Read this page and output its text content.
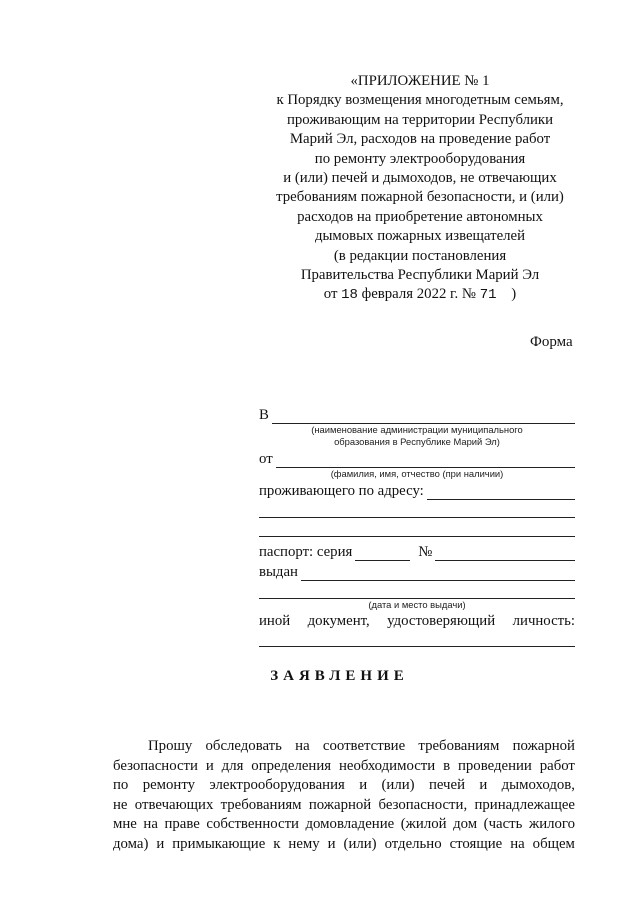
«ПРИЛОЖЕНИЕ № 1
к Порядку возмещения многодетным семьям,
проживающим на территории Республики
Марий Эл, расходов на проведение работ
по ремонту электрооборудования
и (или) печей и дымоходов, не отвечающих
требованиям пожарной безопасности, и (или)
расходов на приобретение автономных
дымовых пожарных извещателей
(в редакции постановления
Правительства Республики Марий Эл
от 18 февраля 2022 г. № 71 )
Форма
В
(наименование администрации муниципального
образования в Республике Марий Эл)
от
(фамилия, имя, отчество (при наличии)
проживающего по адресу:
паспорт: серия	№
выдан
(дата и место выдачи)
иной документ, удостоверяющий личность:
ЗАЯВЛЕНИЕ
Прошу обследовать на соответствие требованиям пожарной
безопасности и для определения необходимости в проведении работ
по ремонту электрооборудования и (или) печей и дымоходов,
не отвечающих требованиям пожарной безопасности, принадлежащее
мне на праве собственности домовладение (жилой дом (часть жилого
дома) и примыкающие к нему и (или) отдельно стоящие на общем
